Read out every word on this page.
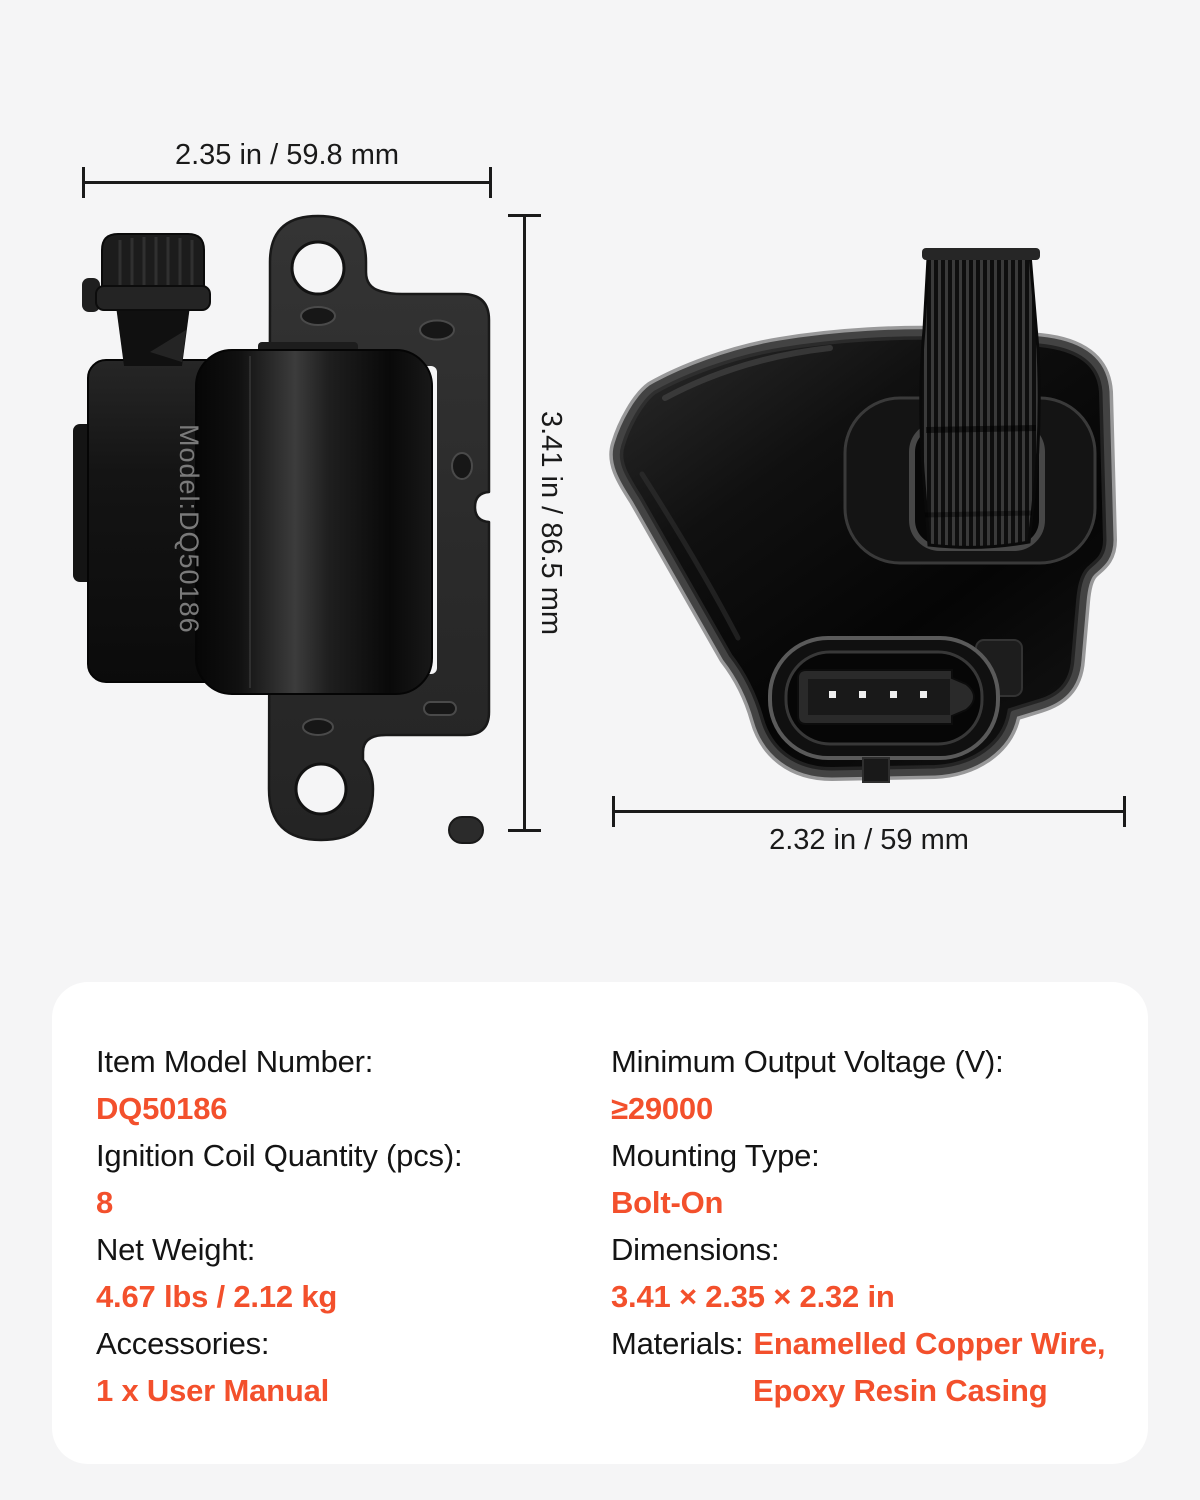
2.35 in / 59.8 mm
3.41 in / 86.5 mm
2.32 in / 59 mm
Model:DQ50186

Item Model Number:

DQ50186

Ignition Coil Quantity (pcs):

8

Net Weight:

4.67 lbs / 2.12 kg

Accessories:

1 x User Manual

Minimum Output Voltage (V):

≥29000

Mounting Type:

Bolt-On

Dimensions:

3.41 × 2.35 × 2.32 in

Materials: Enamelled Copper Wire,

Epoxy Resin Casing
